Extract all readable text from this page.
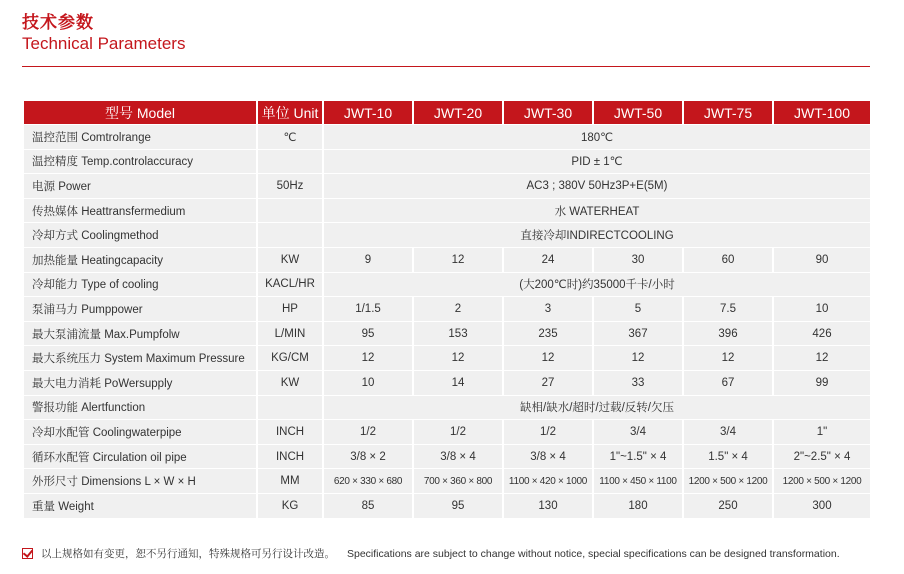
技术参数
Technical Parameters
型号 Model	单位 Unit	JWT-10	JWT-20	JWT-30	JWT-50	JWT-75	JWT-100
温控范围 Comtrolrange	℃	180℃					
温控精度 Temp.controlaccuracy		PID ± 1℃					
电源 Power	50Hz	AC3 ; 380V 50Hz3P+E(5M)					
传热媒体 Heattransfermedium		水 WATERHEAT					
冷却方式 Coolingmethod		直接冷却INDIRECTCOOLING					
加热能量 Heatingcapacity	KW	9	12	24	30	60	90
冷却能力 Type of cooling	KACL/HR	(大200℃时)约35000千卡/小时					
泵浦马力 Pumppower	HP	1/1.5	2	3	5	7.5	10
最大泵浦流量 Max.Pumpfolw	L/MIN	95	153	235	367	396	426
最大系统压力 System Maximum Pressure	KG/CM	12	12	12	12	12	12
最大电力消耗 PoWersupply	KW	10	14	27	33	67	99
警报功能 Alertfunction		缺相/缺水/超时/过载/反转/欠压					
冷却水配管 Coolingwaterpipe	INCH	1/2	1/2	1/2	3/4	3/4	1"
循环水配管 Circulation oil pipe	INCH	3/8 × 2	3/8 × 4	3/8 × 4	1"~1.5" × 4	1.5" × 4	2"~2.5" × 4
外形尺寸 Dimensions L × W × H	MM	620 × 330 × 680	700 × 360 × 800	1100 × 420 × 1000	1100 × 450 × 1100	1200 × 500 × 1200	1200 × 500 × 1200
重量 Weight	KG	85	95	130	180	250	300
以上规格如有变更，恕不另行通知，特殊规格可另行设计改造。 Specifications are subject to change without notice, special specifications can be designed transformation.
